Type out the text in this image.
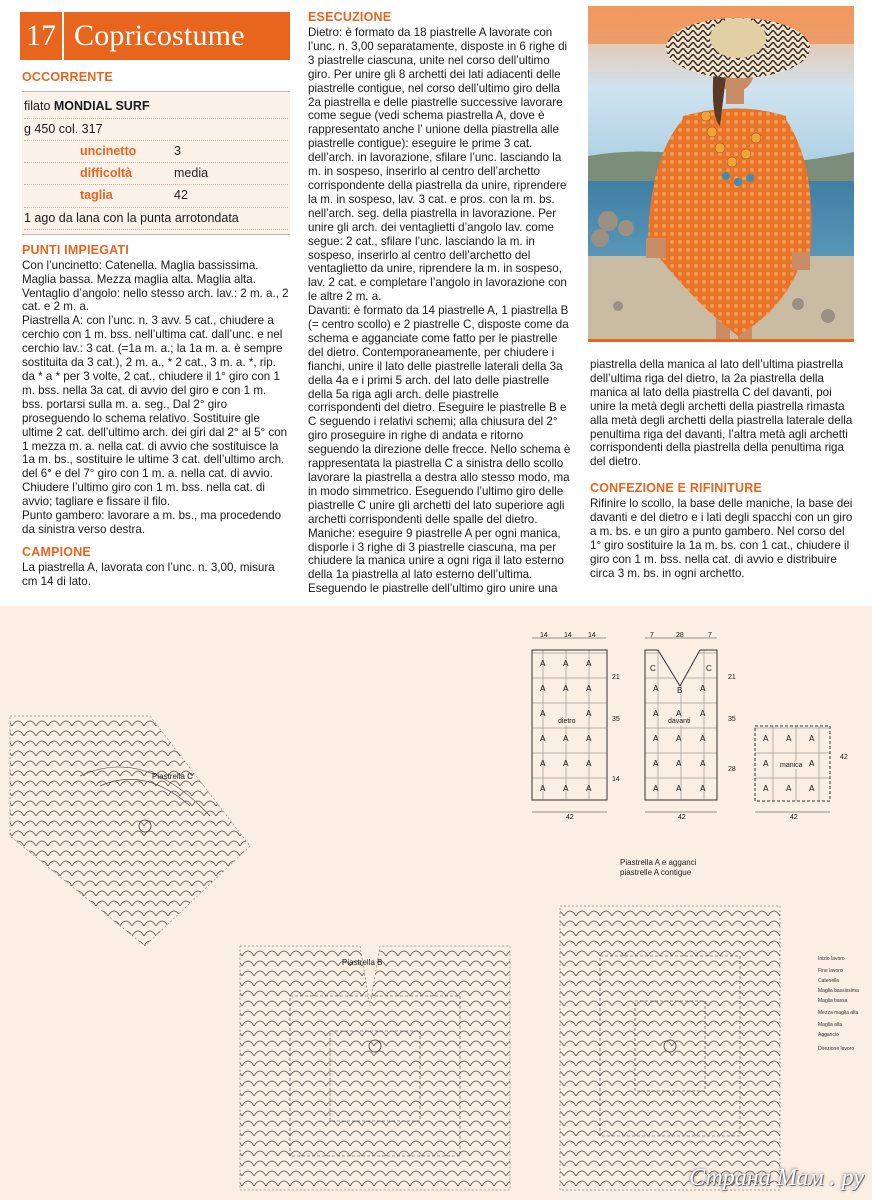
17 Copricostume
OCCORRENTE
filato MONDIAL SURF
g 450 col. 317
uncinetto	3
difficoltà	media
taglia	42
1 ago da lana con la punta arrotondata
PUNTI IMPIEGATI

Con l’uncinetto: Catenella. Maglia bassissima. Maglia bassa. Mezza maglia alta. Maglia alta. Ventaglio d’angolo: nello stesso arch. lav.: 2 m. a., 2 cat. e 2 m. a.

Piastrella A: con l’unc. n. 3 avv. 5 cat., chiudere a cerchio con 1 m. bss. nell’ultima cat. dall’unc. e nel cerchio lav.: 3 cat. (=1a m. a.; la 1a m. a. è sempre sostituita da 3 cat.), 2 m. a., * 2 cat., 3 m. a. *, rip. da * a * per 3 volte, 2 cat., chiudere il 1° giro con 1 m. bss. nella 3a cat. di avvio del giro e con 1 m. bss. portarsi sulla m. a. seg., Dal 2° giro proseguendo lo schema relativo. Sostituire gle ultime 2 cat. dell’ultimo arch. dei giri dal 2° al 5° con 1 mezza m. a. nella cat. di avvio che sostituisce la 1a m. bs., sostituire le ultime 3 cat. dell’ultimo arch. del 6° e del 7° giro con 1 m. a. nella cat. di avvio. Chiudere l’ultimo giro con 1 m. bss. nella cat. di avvio; tagliare e fissare il filo.

Punto gambero: lavorare a m. bs., ma procedendo da sinistra verso destra.

CAMPIONE

La piastrella A, lavorata con l’unc. n. 3,00, misura cm 14 di lato.

ESECUZIONE

Dietro: è formato da 18 piastrelle A lavorate con l’unc. n. 3,00 separatamente, disposte in 6 righe di 3 piastrelle ciascuna, unite nel corso dell’ultimo giro. Per unire gli 8 archetti dei lati adiacenti delle piastrelle contigue, nel corso dell’ultimo giro della 2a piastrella e delle piastrelle successive lavorare come segue (vedi schema piastrella A, dove è rappresentato anche l’ unione della piastrella alle piastrelle contigue): eseguire le prime 3 cat. dell’arch. in lavorazione, sfilare l’unc. lasciando la m. in sospeso, inserirlo al centro dell’archetto corrispondente della piastrella da unire, riprendere la m. in sospeso, lav. 3 cat. e pros. con la m. bs. nell’arch. seg. della piastrella in lavorazione. Per unire gli arch. dei ventaglietti d’angolo lav. come segue: 2 cat., sfilare l’unc. lasciando la m. in sospeso, inserirlo al centro dell’archetto del ventaglietto da unire, riprendere la m. in sospeso, lav. 2 cat. e completare l’angolo in lavorazione con le altre 2 m. a.

Davanti: è formato da 14 piastrelle A, 1 piastrella B (= centro scollo) e 2 piastrelle C, disposte come da schema e agganciate come fatto per le piastrelle del dietro. Contemporaneamente, per chiudere i fianchi, unire il lato delle piastrelle laterali della 3a della 4a e i primi 5 arch. del lato delle piastrelle della 5a riga agli arch. delle piastrelle corrispondenti del dietro. Eseguire le piastrelle B e C seguendo i relativi schemi; alla chiusura del 2° giro proseguire in righe di andata e ritorno seguendo la direzione delle frecce. Nello schema è rappresentata la piastrella C a sinistra dello scollo lavorare la piastrella a destra allo stesso modo, ma in modo simmetrico. Eseguendo l’ultimo giro delle piastrelle C unire gli archetti del lato superiore agli archetti corrispondenti delle spalle del dietro.

Maniche: eseguire 9 piastrelle A per ogni manica, disporle i 3 righe di 3 piastrelle ciascuna, ma per chiudere la manica unire a ogni riga il lato esterno della 1a piastrella al lato esterno dell’ultima. Eseguendo le piastrelle dell’ultimo giro unire una

piastrella della manica al lato dell’ultima piastrella dell’ultima riga del dietro, la 2a piastrella della manica al lato della piastrella C del davanti, poi unire la metà degli archetti della piastrella rimasta alla metà degli archetti della piastrella laterale della penultima riga del davanti, l’altra metà agli archetti corrispondenti della piastrella della penultima riga del dietro.

CONFEZIONE E RIFINITURE

Rifinire lo scollo, la base delle maniche, la base dei davanti e del dietro e i lati degli spacchi con un giro a m. bs. e un giro a punto gambero. Nel corso del 1° giro sostituire la 1a m. bs. con 1 cat., chiudere il giro con 1 m. bss. nella cat. di avvio e distribuire circa 3 m. bs. in ogni archetto.

A A A
A A A
A	A
A A A
A A A
A A A
A	A
A A A
A A A
A A A
A A A
A A A
A	A
A A A
14 14 14
21
35
14
42
dietro
7	28	7
21
35
28
42
davanti
C	C
B
42
42
manica
Piastrella C
Piastrella B
Piastrella A e agganci
piastrelle A contigue
Inizio lavoro
Fine lavoro
Catenella
Maglia bassissima
Maglia bassa
Mezza maglia alta
Maglia alta
Aggancio
Direzione lavoro
Страна Мам . ру
